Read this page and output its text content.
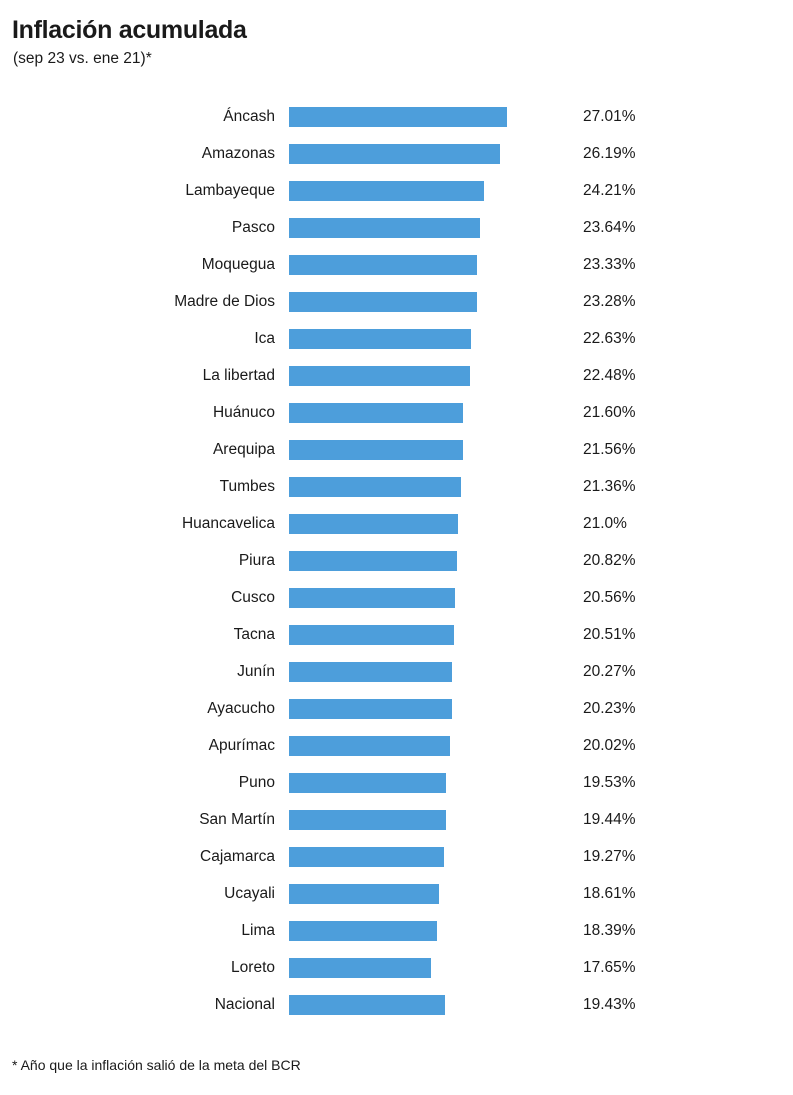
Inflación acumulada
(sep 23 vs. ene 21)*
Áncash	27.01%
Amazonas	26.19%
Lambayeque	24.21%
Pasco	23.64%
Moquegua	23.33%
Madre de Dios	23.28%
Ica	22.63%
La libertad	22.48%
Huánuco	21.60%
Arequipa	21.56%
Tumbes	21.36%
Huancavelica	21.0%
Piura	20.82%
Cusco	20.56%
Tacna	20.51%
Junín	20.27%
Ayacucho	20.23%
Apurímac	20.02%
Puno	19.53%
San Martín	19.44%
Cajamarca	19.27%
Ucayali	18.61%
Lima	18.39%
Loreto	17.65%
Nacional	19.43%
* Año que la inflación salió de la meta del BCR
